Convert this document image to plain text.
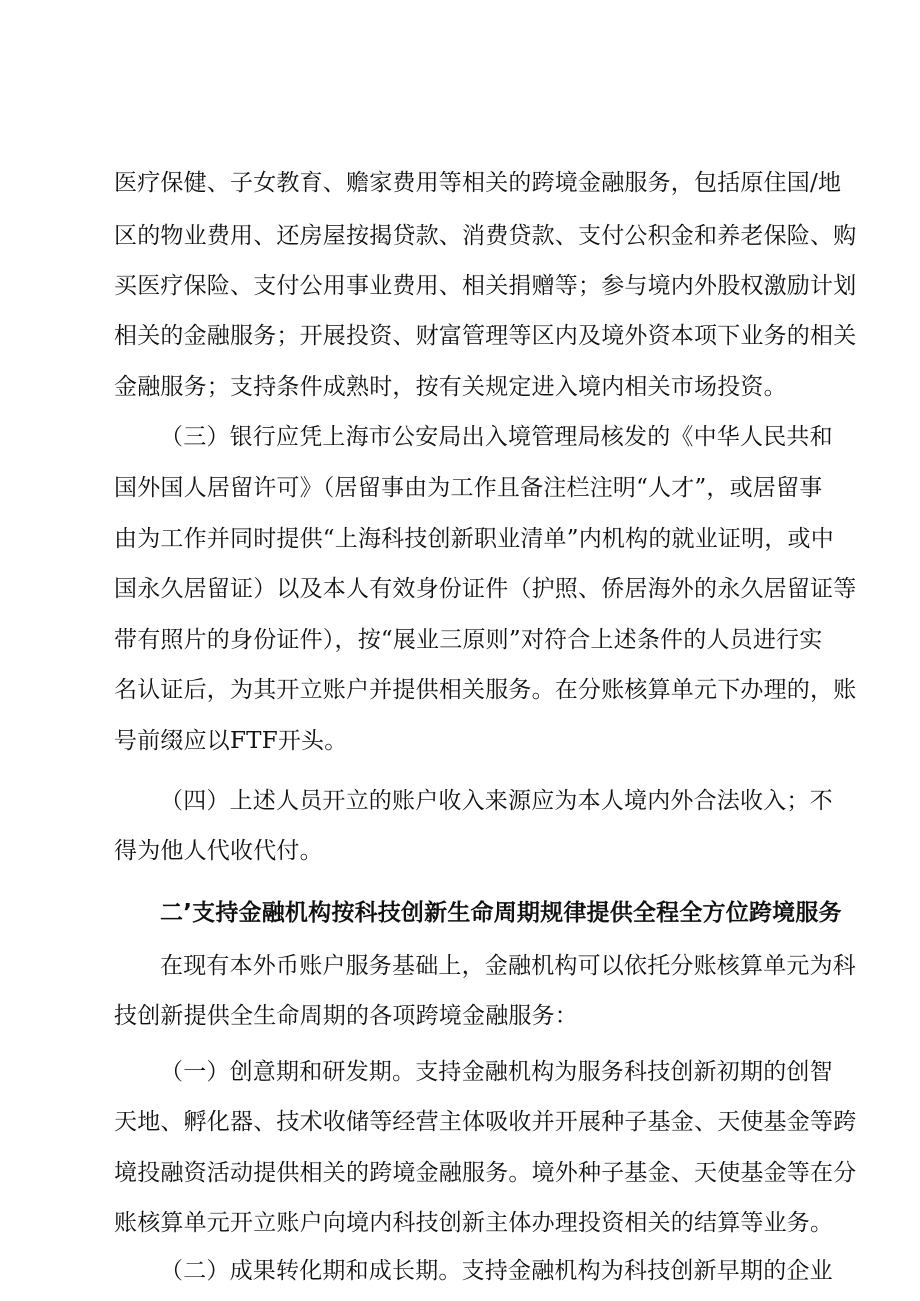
医疗保健、子女教育、赡家费用等相关的跨境金融服务，包括原住国/地
区的物业费用、还房屋按揭贷款、消费贷款、支付公积金和养老保险、购
买医疗保险、支付公用事业费用、相关捐赠等；参与境内外股权激励计划
相关的金融服务；开展投资、财富管理等区内及境外资本项下业务的相关
金融服务；支持条件成熟时，按有关规定进入境内相关市场投资。
（三）银行应凭上海市公安局出入境管理局核发的《中华人民共和
国外国人居留许可》（居留事由为工作且备注栏注明“人才”，或居留事
由为工作并同时提供“上海科技创新职业清单”内机构的就业证明，或中
国永久居留证）以及本人有效身份证件（护照、侨居海外的永久居留证等
带有照片的身份证件），按“展业三原则”对符合上述条件的人员进行实
名认证后，为其开立账户并提供相关服务。在分账核算单元下办理的，账
号前缀应以FTF开头。
（四）上述人员开立的账户收入来源应为本人境内外合法收入；不
得为他人代收代付。
二’支持金融机构按科技创新生命周期规律提供全程全方位跨境服务
在现有本外币账户服务基础上，金融机构可以依托分账核算单元为科
技创新提供全生命周期的各项跨境金融服务：
（一）创意期和研发期。支持金融机构为服务科技创新初期的创智
天地、孵化器、技术收储等经营主体吸收并开展种子基金、天使基金等跨
境投融资活动提供相关的跨境金融服务。境外种子基金、天使基金等在分
账核算单元开立账户向境内科技创新主体办理投资相关的结算等业务。
（二）成果转化期和成长期。支持金融机构为科技创新早期的企业
